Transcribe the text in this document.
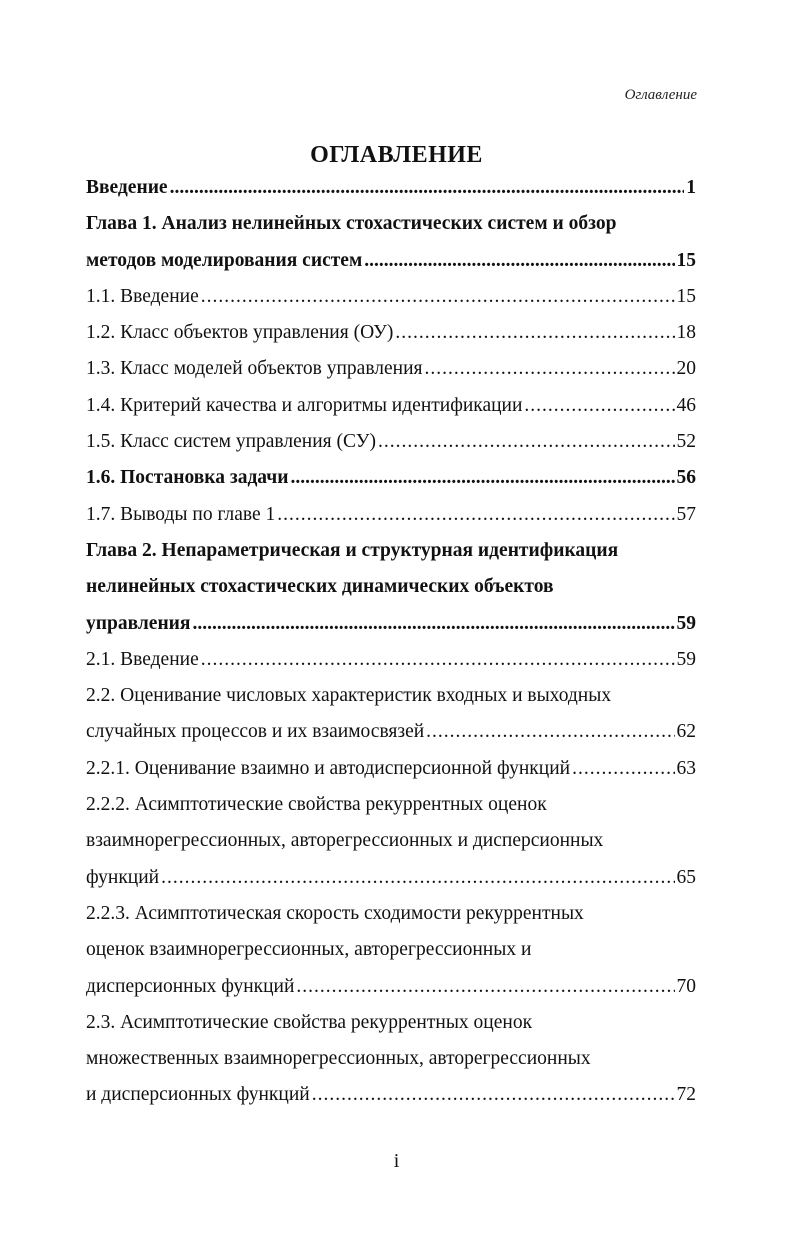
Оглавление
ОГЛАВЛЕНИЕ
Введение .....	1
Глава 1. Анализ нелинейных стохастических систем и обзор
методов моделирования систем .....	15
1.1. Введение .....	15
1.2. Класс объектов управления (ОУ) .....	18
1.3. Класс моделей объектов управления .....	20
1.4. Критерий качества и алгоритмы идентификации .....	46
1.5. Класс систем управления (СУ) .....	52
1.6. Постановка задачи .....	56
1.7. Выводы по главе 1 .....	57
Глава 2. Непараметрическая и структурная идентификация
нелинейных стохастических динамических объектов
управления .....	59
2.1. Введение .....	59
2.2. Оценивание числовых характеристик входных и выходных
случайных процессов и их взаимосвязей .....	62
2.2.1. Оценивание взаимно и автодисперсионной функций .....	63
2.2.2. Асимптотические свойства рекуррентных оценок
взаимнорегрессионных, авторегрессионных и дисперсионных
функций .....	65
2.2.3. Асимптотическая скорость сходимости рекуррентных
оценок взаимнорегрессионных, авторегрессионных и
дисперсионных функций .....	70
2.3. Асимптотические свойства рекуррентных оценок
множественных взаимнорегрессионных, авторегрессионных
и дисперсионных функций .....	72
i
